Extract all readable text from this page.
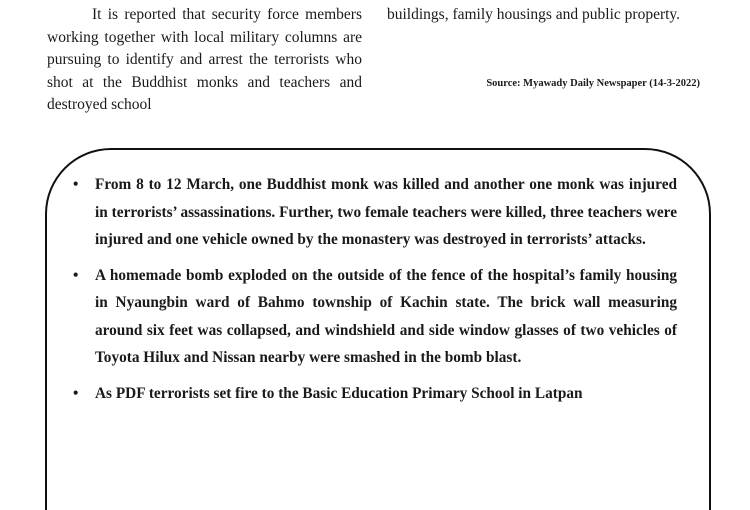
It is reported that security force members working together with local military columns are pursuing to identify and arrest the terrorists who shot at the Buddhist monks and teachers and destroyed school

buildings, family housings and public property.

Source: Myawady Daily Newspaper (14-3-2022)
• From 8 to 12 March, one Buddhist monk was killed and another one monk was injured in terrorists’ assassinations. Further, two female teachers were killed, three teachers were injured and one vehicle owned by the monastery was destroyed in terrorists’ attacks.
• A homemade bomb exploded on the outside of the fence of the hospital’s family housing in Nyaungbin ward of Bahmo township of Kachin state. The brick wall measuring around six feet was collapsed, and windshield and side window glasses of two vehicles of Toyota Hilux and Nissan nearby were smashed in the bomb blast.
• As PDF terrorists set fire to the Basic Education Primary School in Latpan
